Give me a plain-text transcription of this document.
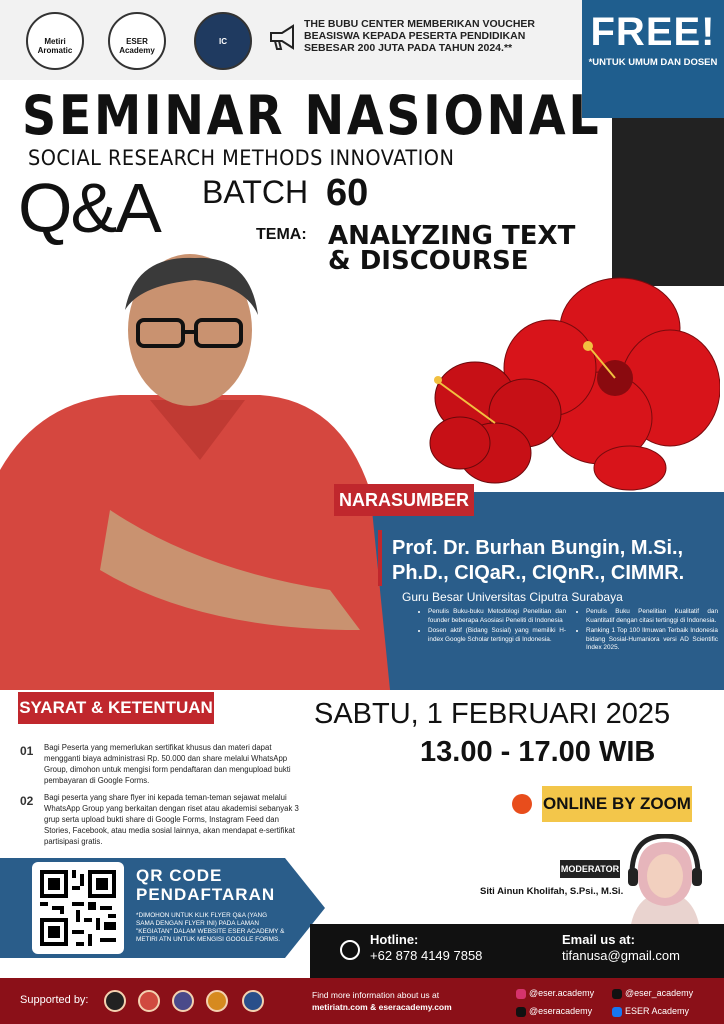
Metiri Aromatic
ESER Academy
IC
THE BUBU CENTER MEMBERIKAN VOUCHER BEASISWA KEPADA PESERTA PENDIDIKAN SEBESAR 200 JUTA PADA TAHUN 2024.**	FREE!
*UNTUK UMUM DAN DOSEN
SEMINAR NASIONAL
SOCIAL RESEARCH METHODS INNOVATION
Q&A BATCH 60
TEMA: ANALYZING TEXT
& DISCOURSE
NARASUMBER
Prof. Dr. Burhan Bungin, M.Si.,
Ph.D., CIQaR., CIQnR., CIMMR.
Guru Besar Universitas Ciputra Surabaya
• Penulis Buku-buku Metodologi Penelitian dan founder beberapa Asosiasi Peneliti di Indonesia
• Dosen aktif (Bidang Sosial) yang memiliki H-index Google Scholar tertinggi di Indonesia.
• Penulis Buku Penelitian Kualitatif dan Kuantitatif dengan citasi tertinggi di Indonesia.
• Ranking 1 Top 100 Ilmuwan Terbaik Indonesia bidang Sosial-Humaniora versi AD Scientific Index 2025.
SYARAT & KETENTUAN
01 Bagi Peserta yang memerlukan sertifikat khusus dan materi dapat mengganti biaya administrasi Rp. 50.000 dan share melalui WhatsApp Group, dimohon untuk mengisi form pendaftaran dan mengupload bukti pembayaran di Google Forms.
02 Bagi peserta yang share flyer ini kepada teman-teman sejawat melalui WhatsApp Group yang berkaitan dengan riset atau akademisi sebanyak 3 grup serta upload bukti share di Google Forms, Instagram Feed dan Stories, Facebook, atau media sosial lainnya, akan mendapat e-sertifikat partisipasi gratis.
SABTU, 1 FEBRUARI 2025
13.00 - 17.00 WIB
ONLINE BY ZOOM
QR CODE
PENDAFTARAN
*DIMOHON UNTUK KLIK FLYER Q&A (YANG SAMA DENGAN FLYER INI) PADA LAMAN "KEGIATAN" DALAM WEBSITE ESER ACADEMY & METIRI ATN UNTUK MENGISI GOOGLE FORMS.
MODERATOR
Siti Ainun Kholifah, S.Psi., M.Si.
Hotline:
+62 878 4149 7858
Email us at:
tifanusa@gmail.com
Supported by:	Find more information about us at
metiriatn.com & eseracademy.com
@eser.academy	@eser_academy
@eseracademy	ESER Academy
